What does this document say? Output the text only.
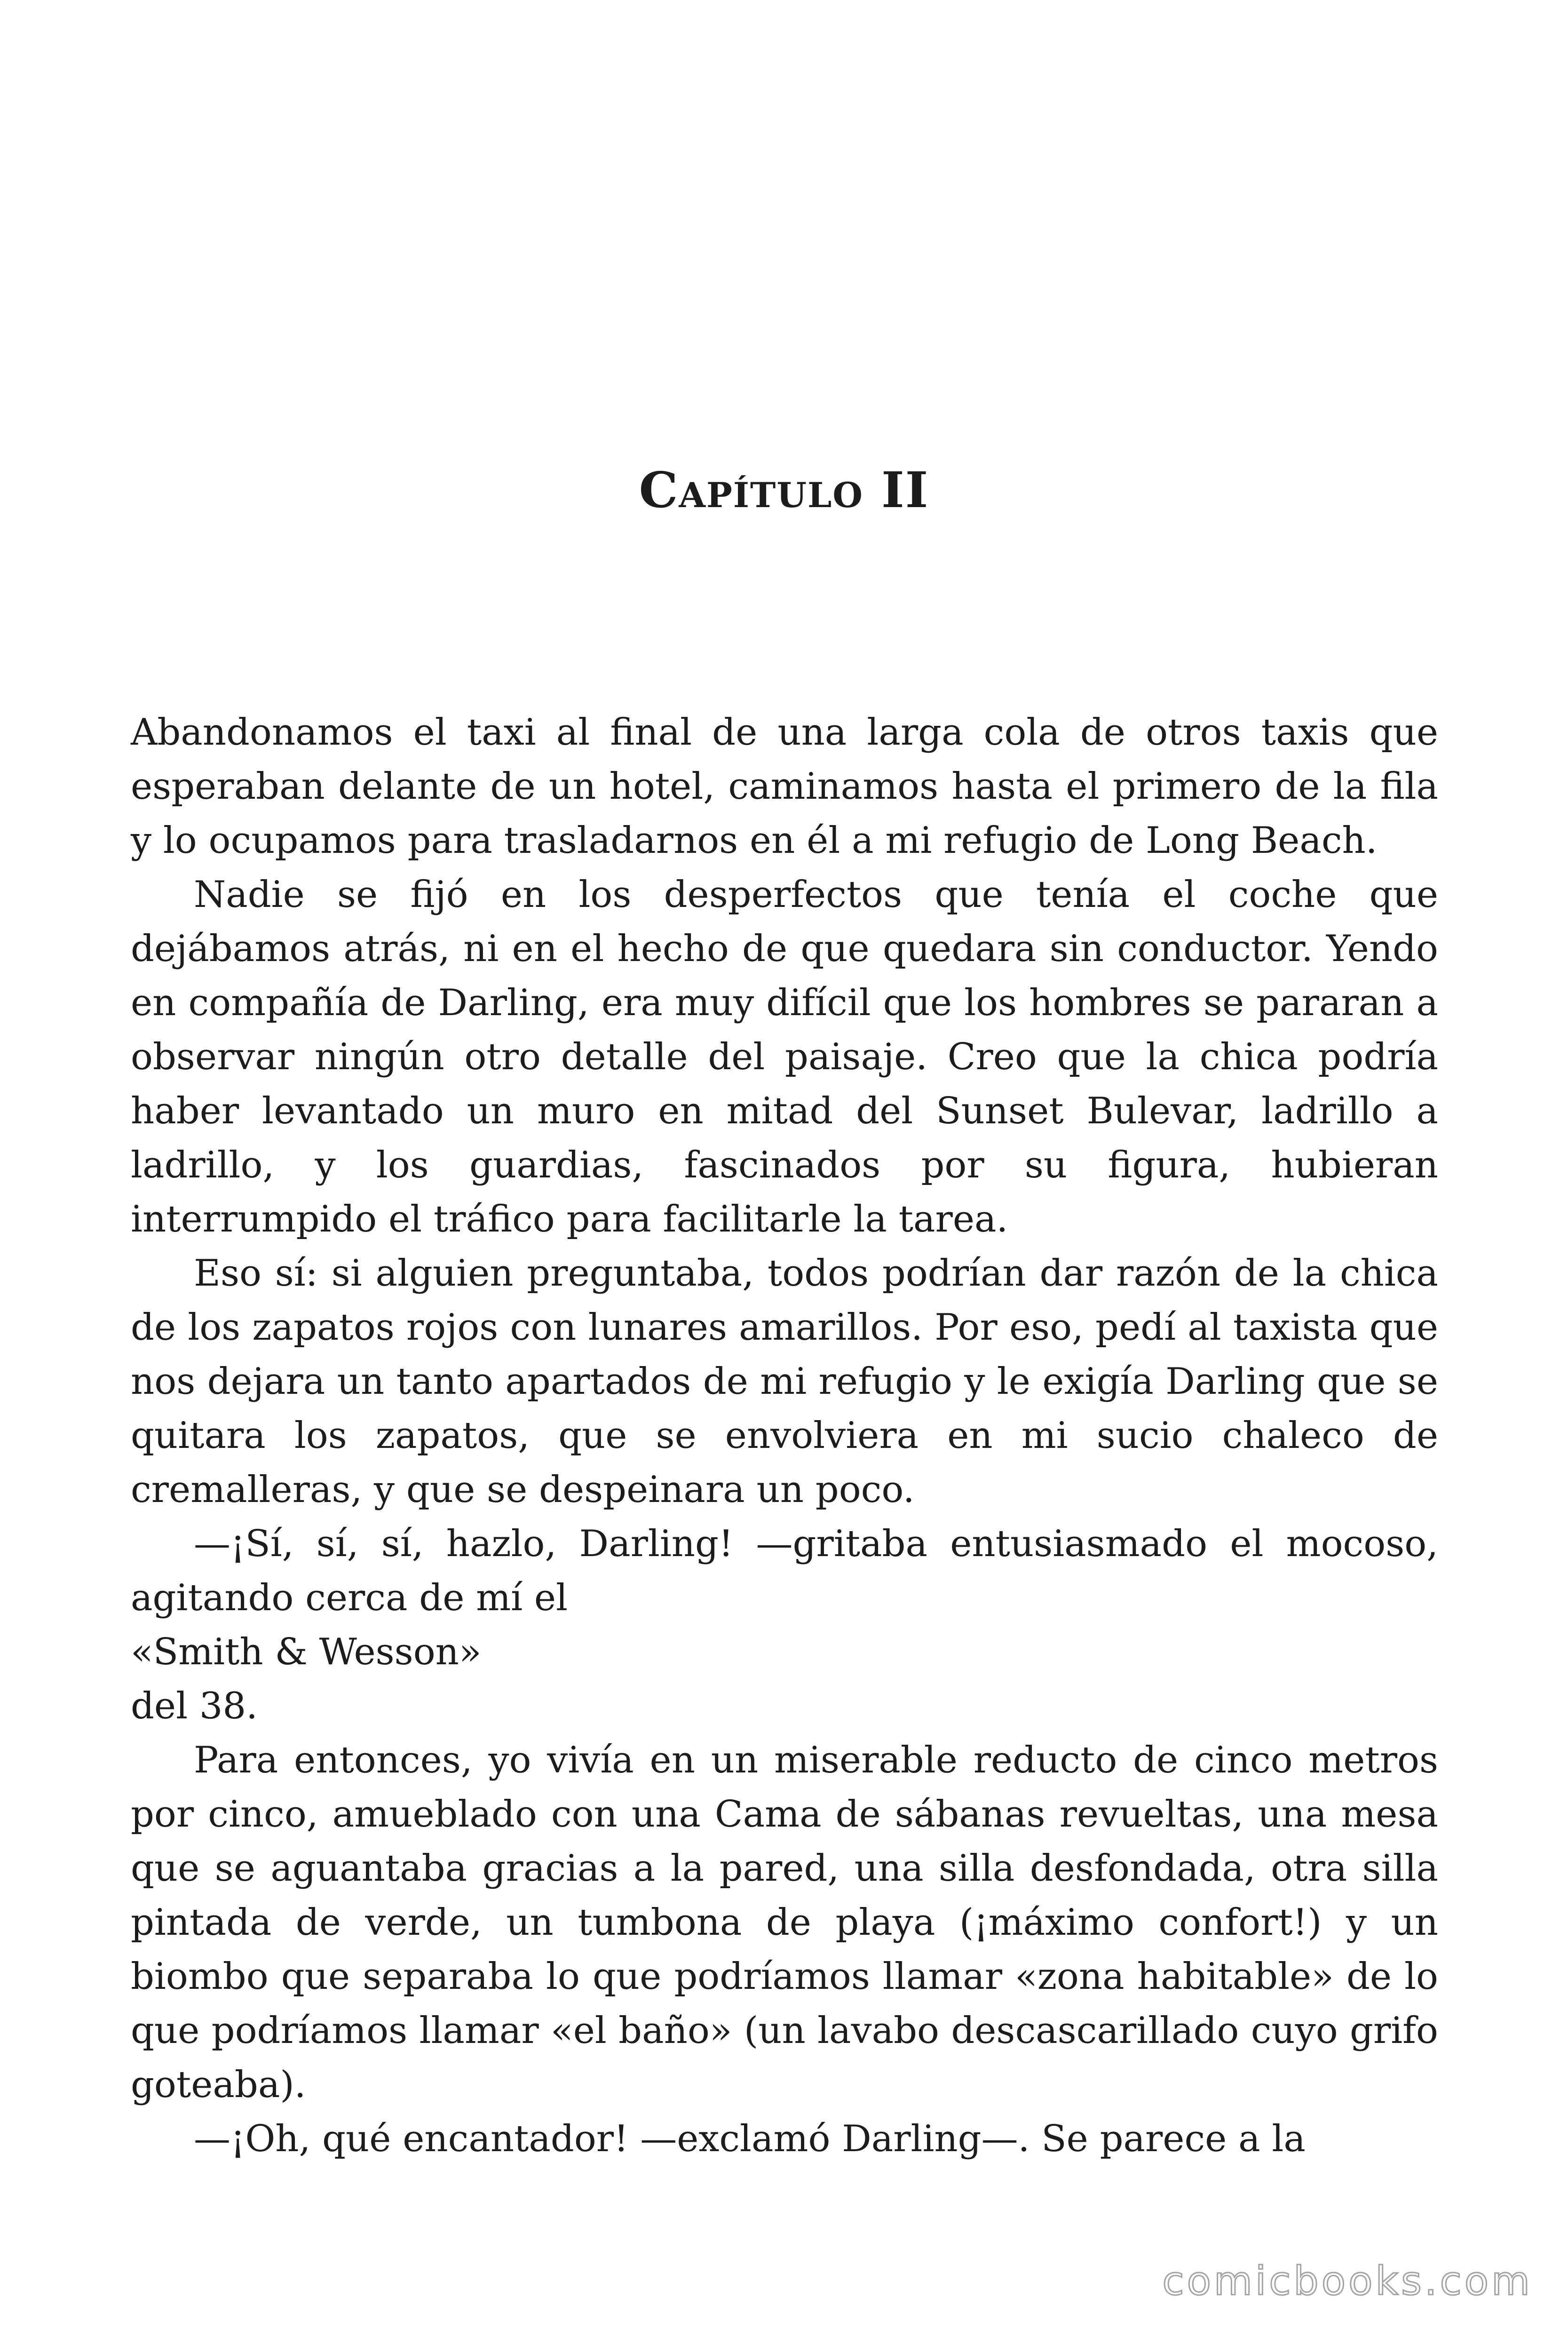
Capítulo II

Abandonamos el taxi al final de una larga cola de otros taxis que esperaban delante de un hotel, caminamos hasta el primero de la fila y lo ocupamos para trasladarnos en él a mi refugio de Long Beach.

Nadie se fijó en los desperfectos que tenía el coche que dejábamos atrás, ni en el hecho de que quedara sin conductor. Yendo en compañía de Darling, era muy difícil que los hombres se pararan a observar ningún otro detalle del paisaje. Creo que la chica podría haber levantado un muro en mitad del Sunset Bulevar, ladrillo a ladrillo, y los guardias, fascinados por su figura, hubieran interrumpido el tráfico para facilitarle la tarea.

Eso sí: si alguien preguntaba, todos podrían dar razón de la chica de los zapatos rojos con lunares amarillos. Por eso, pedí al taxista que nos dejara un tanto apartados de mi refugio y le exigía Darling que se quitara los zapatos, que se envolviera en mi sucio chaleco de cremalleras, y que se despeinara un poco.

—¡Sí, sí, sí, hazlo, Darling! —gritaba entusiasmado el mocoso, agitando cerca de mí el

«Smith & Wesson»

del 38.

Para entonces, yo vivía en un miserable reducto de cinco metros por cinco, amueblado con una Cama de sábanas revueltas, una mesa que se aguantaba gracias a la pared, una silla desfondada, otra silla pintada de verde, un tumbona de playa (¡máximo confort!) y un biombo que separaba lo que podríamos llamar «zona habitable» de lo que podríamos llamar «el baño» (un lavabo descascarillado cuyo grifo goteaba).

—¡Oh, qué encantador! —exclamó Darling—. Se parece a la

comicbooks.com
